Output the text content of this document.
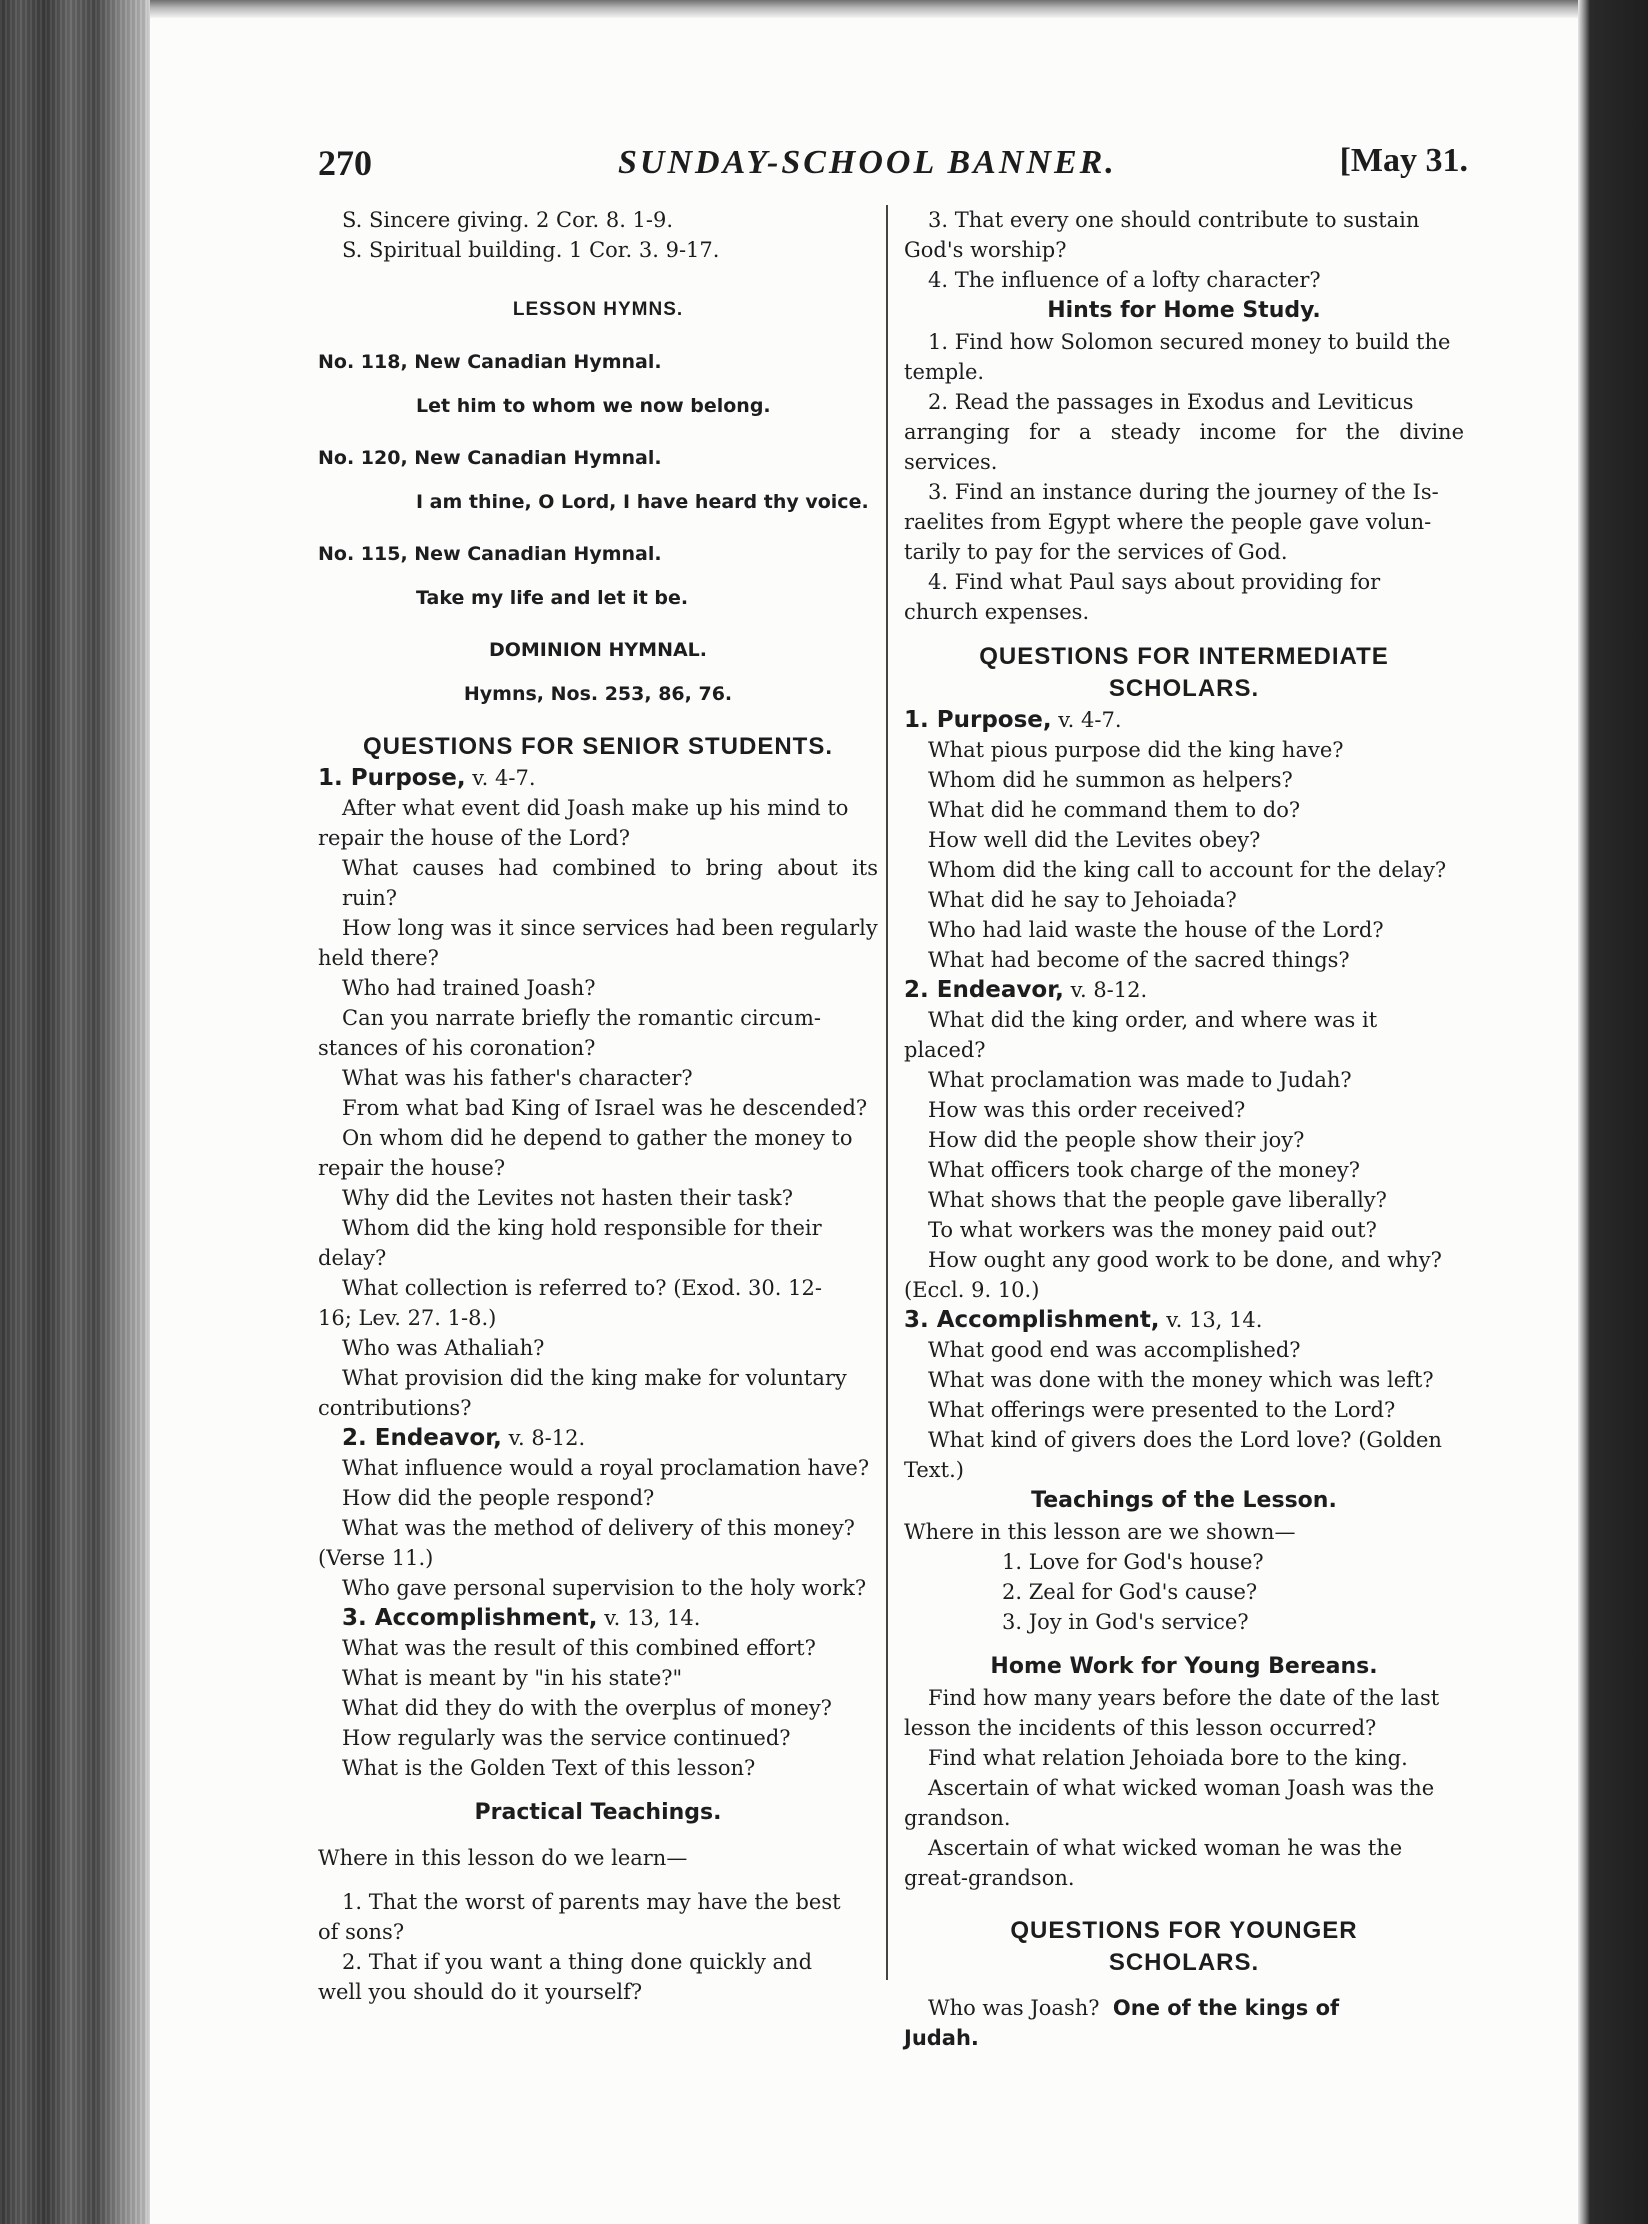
270	SUNDAY-SCHOOL BANNER.	[May 31.
S. Sincere giving. 2 Cor. 8. 1-9.
S. Spiritual building. 1 Cor. 3. 9-17.
LESSON HYMNS.
No. 118, New Canadian Hymnal.
Let him to whom we now belong.
No. 120, New Canadian Hymnal.
I am thine, O Lord, I have heard thy voice.
No. 115, New Canadian Hymnal.
Take my life and let it be.
DOMINION HYMNAL.
Hymns, Nos. 253, 86, 76.
QUESTIONS FOR SENIOR STUDENTS.
1. Purpose, v. 4-7.
After what event did Joash make up his mind to
repair the house of the Lord?
What causes had combined to bring about its ruin?
How long was it since services had been regularly
held there?
Who had trained Joash?
Can you narrate briefly the romantic circum-
stances of his coronation?
What was his father's character?
From what bad King of Israel was he descended?
On whom did he depend to gather the money to
repair the house?
Why did the Levites not hasten their task?
Whom did the king hold responsible for their
delay?
What collection is referred to? (Exod. 30. 12-
16; Lev. 27. 1-8.)
Who was Athaliah?
What provision did the king make for voluntary
contributions?
2. Endeavor, v. 8-12.
What influence would a royal proclamation have?
How did the people respond?
What was the method of delivery of this money?
(Verse 11.)
Who gave personal supervision to the holy work?
3. Accomplishment, v. 13, 14.
What was the result of this combined effort?
What is meant by "in his state?"
What did they do with the overplus of money?
How regularly was the service continued?
What is the Golden Text of this lesson?
Practical Teachings.
Where in this lesson do we learn—
1. That the worst of parents may have the best
of sons?
2. That if you want a thing done quickly and
well you should do it yourself?
3. That every one should contribute to sustain
God's worship?
4. The influence of a lofty character?
Hints for Home Study.
1. Find how Solomon secured money to build the
temple.
2. Read the passages in Exodus and Leviticus
arranging for a steady income for the divine services.
3. Find an instance during the journey of the Is-
raelites from Egypt where the people gave volun-
tarily to pay for the services of God.
4. Find what Paul says about providing for
church expenses.
QUESTIONS FOR INTERMEDIATE
SCHOLARS.
1. Purpose, v. 4-7.
What pious purpose did the king have?
Whom did he summon as helpers?
What did he command them to do?
How well did the Levites obey?
Whom did the king call to account for the delay?
What did he say to Jehoiada?
Who had laid waste the house of the Lord?
What had become of the sacred things?
2. Endeavor, v. 8-12.
What did the king order, and where was it
placed?
What proclamation was made to Judah?
How was this order received?
How did the people show their joy?
What officers took charge of the money?
What shows that the people gave liberally?
To what workers was the money paid out?
How ought any good work to be done, and why?
(Eccl. 9. 10.)
3. Accomplishment, v. 13, 14.
What good end was accomplished?
What was done with the money which was left?
What offerings were presented to the Lord?
What kind of givers does the Lord love? (Golden
Text.)
Teachings of the Lesson.
Where in this lesson are we shown—
1. Love for God's house?
2. Zeal for God's cause?
3. Joy in God's service?
Home Work for Young Bereans.
Find how many years before the date of the last
lesson the incidents of this lesson occurred?
Find what relation Jehoiada bore to the king.
Ascertain of what wicked woman Joash was the
grandson.
Ascertain of what wicked woman he was the
great-grandson.
QUESTIONS FOR YOUNGER
SCHOLARS.
Who was Joash? One of the kings of
Judah.
